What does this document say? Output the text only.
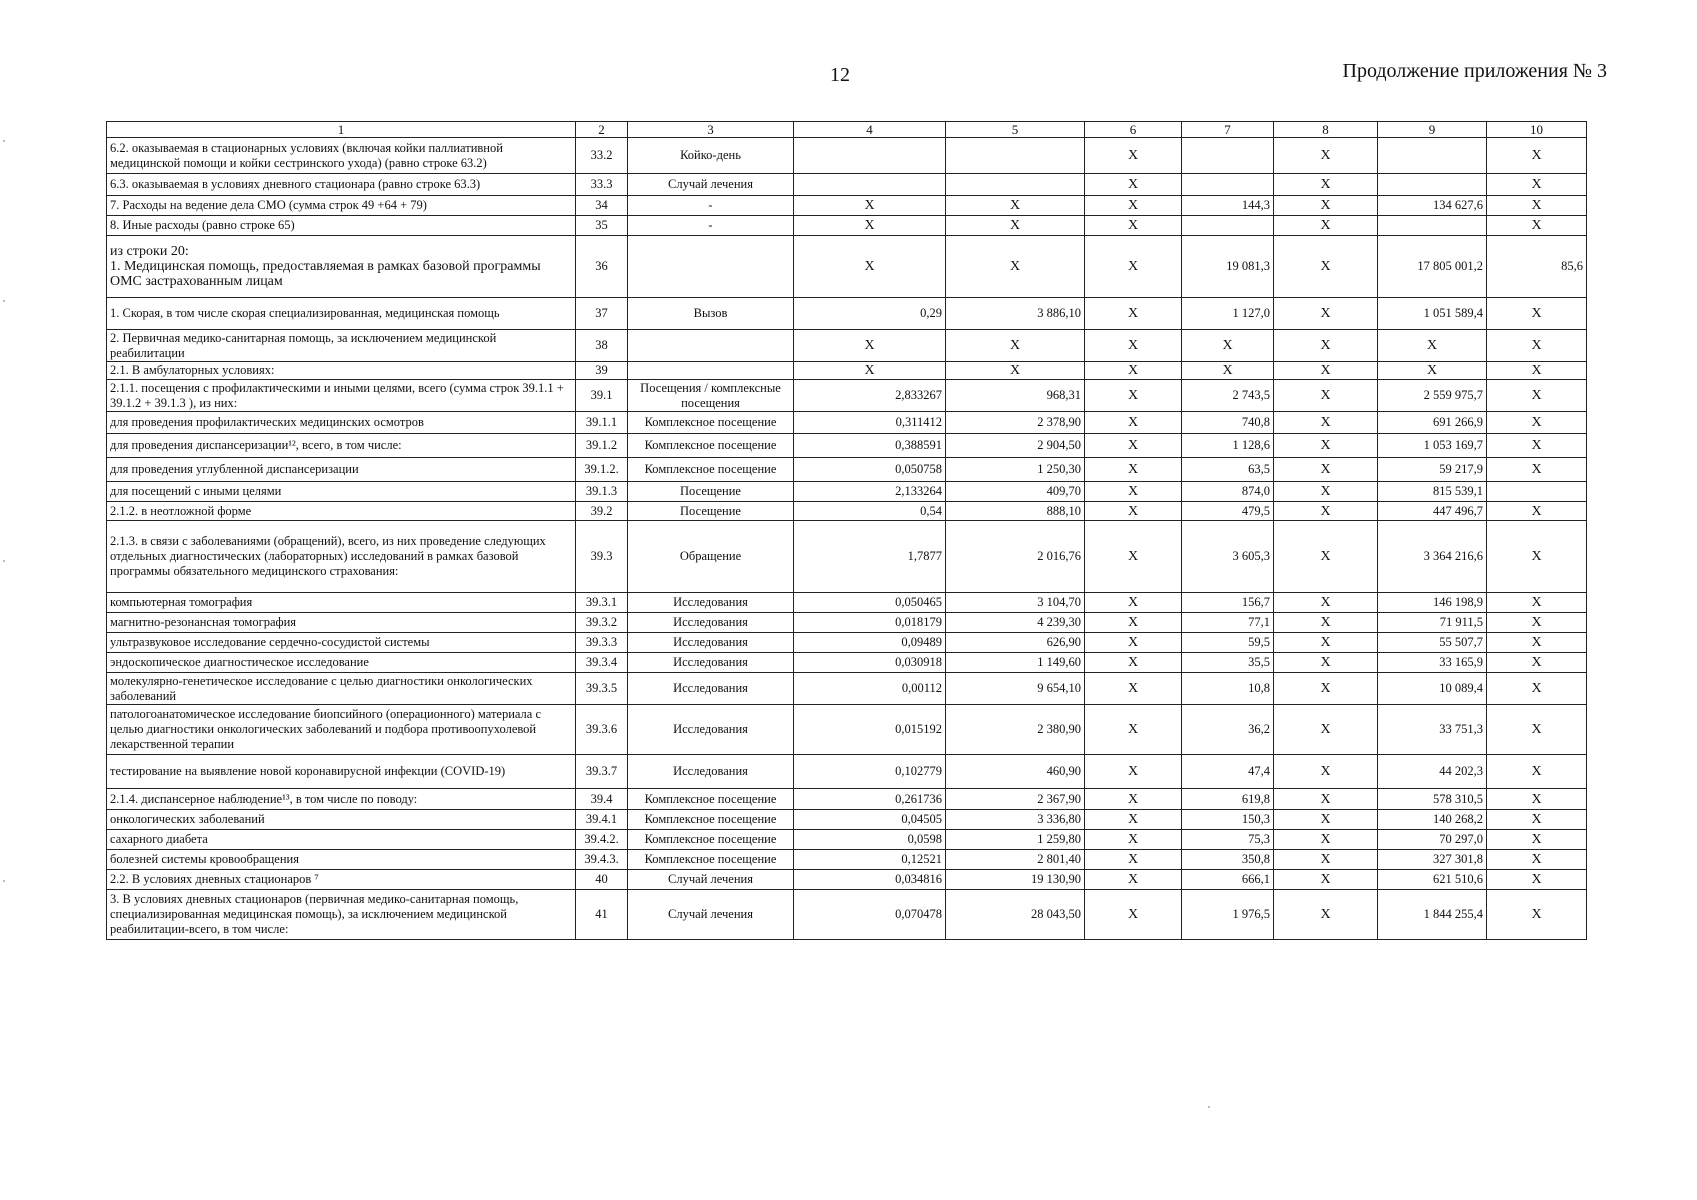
12	Продолжение приложения № 3
1	2	3	4	5	6	7	8	9	10
6.2. оказываемая в стационарных условиях (включая койки паллиативной медицинской помощи и койки сестринского ухода) (равно строке 63.2)	33.2	Койко-день			Х		Х		Х
6.3. оказываемая в условиях дневного стационара (равно строке 63.3)	33.3	Случай лечения			Х		Х		Х
7. Расходы на ведение дела СМО (сумма строк 49 +64 + 79)	34	-	Х	Х	Х	144,3	Х	134 627,6	Х
8. Иные расходы (равно строке 65)	35	-	Х	Х	Х		Х		Х
из строки 20:
1. Медицинская помощь, предоставляемая в рамках базовой программы ОМС застрахованным лицам	36		Х	Х	Х	19 081,3	Х	17 805 001,2	85,6
1. Скорая, в том числе скорая специализированная, медицинская помощь	37	Вызов	0,29	3 886,10	Х	1 127,0	Х	1 051 589,4	Х
2. Первичная медико-санитарная помощь, за исключением медицинской реабилитации	38		Х	Х	Х	Х	Х	Х	Х
2.1. В амбулаторных условиях:	39		Х	Х	Х	Х	Х	Х	Х
2.1.1. посещения с профилактическими и иными целями, всего (сумма строк 39.1.1 + 39.1.2 + 39.1.3 ), из них:	39.1	Посещения / комплексные посещения	2,833267	968,31	Х	2 743,5	Х	2 559 975,7	Х
для проведения профилактических медицинских осмотров	39.1.1	Комплексное посещение	0,311412	2 378,90	Х	740,8	Х	691 266,9	Х
для проведения диспансеризации¹², всего, в том числе:	39.1.2	Комплексное посещение	0,388591	2 904,50	Х	1 128,6	Х	1 053 169,7	Х
для проведения углубленной диспансеризации	39.1.2.	Комплексное посещение	0,050758	1 250,30	Х	63,5	Х	59 217,9	Х
для посещений с иными целями	39.1.3	Посещение	2,133264	409,70	Х	874,0	Х	815 539,1	
2.1.2. в неотложной форме	39.2	Посещение	0,54	888,10	Х	479,5	Х	447 496,7	Х
2.1.3. в связи с заболеваниями (обращений), всего, из них проведение следующих отдельных диагностических (лабораторных) исследований в рамках базовой программы обязательного медицинского страхования:	39.3	Обращение	1,7877	2 016,76	Х	3 605,3	Х	3 364 216,6	Х
компьютерная томография	39.3.1	Исследования	0,050465	3 104,70	Х	156,7	Х	146 198,9	Х
магнитно-резонансная томография	39.3.2	Исследования	0,018179	4 239,30	Х	77,1	Х	71 911,5	Х
ультразвуковое исследование сердечно-сосудистой системы	39.3.3	Исследования	0,09489	626,90	Х	59,5	Х	55 507,7	Х
эндоскопическое диагностическое исследование	39.3.4	Исследования	0,030918	1 149,60	Х	35,5	Х	33 165,9	Х
молекулярно-генетическое исследование с целью диагностики онкологических заболеваний	39.3.5	Исследования	0,00112	9 654,10	Х	10,8	Х	10 089,4	Х
патологоанатомическое исследование биопсийного (операционного) материала с целью диагностики онкологических заболеваний и подбора противоопухолевой лекарственной терапии	39.3.6	Исследования	0,015192	2 380,90	Х	36,2	Х	33 751,3	Х
тестирование на выявление новой коронавирусной инфекции (COVID-19)	39.3.7	Исследования	0,102779	460,90	Х	47,4	Х	44 202,3	Х
2.1.4. диспансерное наблюдение¹³, в том числе по поводу:	39.4	Комплексное посещение	0,261736	2 367,90	Х	619,8	Х	578 310,5	Х
онкологических заболеваний	39.4.1	Комплексное посещение	0,04505	3 336,80	Х	150,3	Х	140 268,2	Х
сахарного диабета	39.4.2.	Комплексное посещение	0,0598	1 259,80	Х	75,3	Х	70 297,0	Х
болезней системы кровообращения	39.4.3.	Комплексное посещение	0,12521	2 801,40	Х	350,8	Х	327 301,8	Х
2.2. В условиях дневных стационаров ⁷	40	Случай лечения	0,034816	19 130,90	Х	666,1	Х	621 510,6	Х
3. В условиях дневных стационаров (первичная медико-санитарная помощь, специализированная медицинская помощь), за исключением медицинской реабилитации-всего, в том числе:	41	Случай лечения	0,070478	28 043,50	Х	1 976,5	Х	1 844 255,4	Х
